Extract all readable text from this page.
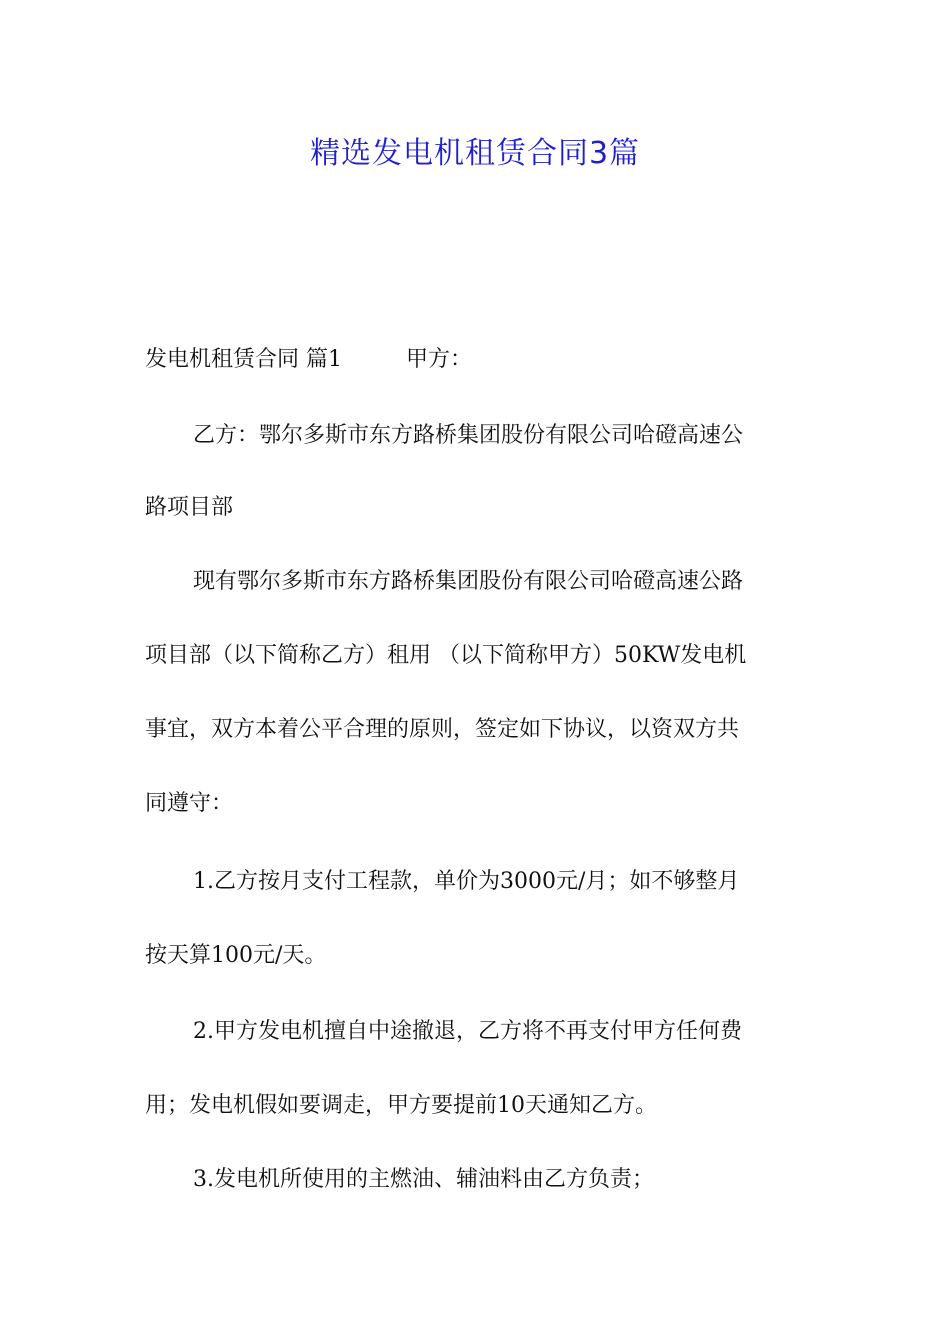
精选发电机租赁合同3篇
发电机租赁合同 篇1	甲方：
乙方：鄂尔多斯市东方路桥集团股份有限公司哈磴高速公
路项目部
现有鄂尔多斯市东方路桥集团股份有限公司哈磴高速公路
项目部（以下简称乙方）租用 （以下简称甲方）50KW发电机
事宜，双方本着公平合理的原则，签定如下协议，以资双方共
同遵守：
1.乙方按月支付工程款，单价为3000元/月；如不够整月
按天算100元/天。
2.甲方发电机擅自中途撤退，乙方将不再支付甲方任何费
用；发电机假如要调走，甲方要提前10天通知乙方。
3.发电机所使用的主燃油、辅油料由乙方负责；
